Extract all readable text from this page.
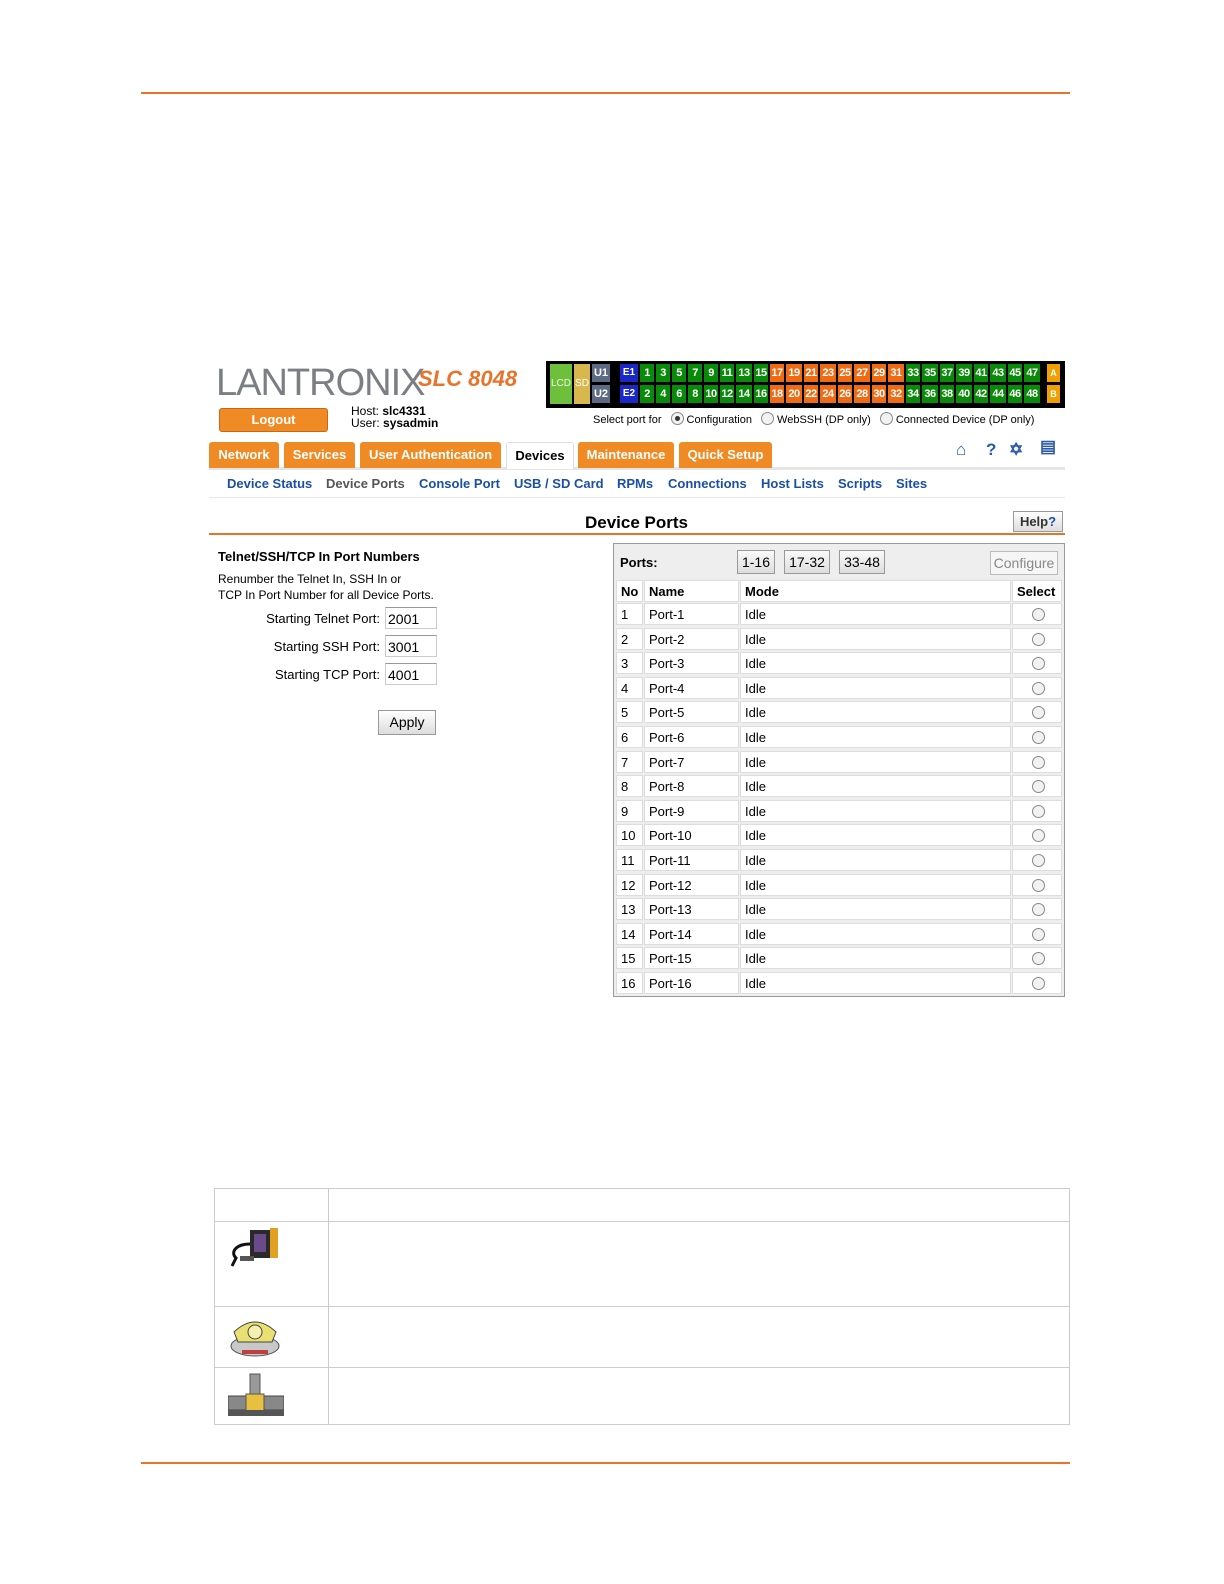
LANTRONIX
SLC 8048
Logout
Host: slc4331
User: sysadmin
LCD SD
U1
U2
E1
E2
A
B
1
2
3
4
5
6
7
8
9
10
11
12
13
14
15
16
17
18
19
20
21
22
23
24
25
26
27
28
29
30
31
32
33
34
35
36
37
38
39
40
41
42
43
44
45
46
47
48
Select port for Configuration WebSSH (DP only) Connected Device (DP only)
Network	Services	User Authentication	Devices	Maintenance	Quick Setup	⌂ ? ✡ ▤
Device Status Device Ports Console Port USB / SD Card RPMs Connections Host Lists Scripts Sites
Device Ports	Help?
Telnet/SSH/TCP In Port Numbers
Renumber the Telnet In, SSH In or
TCP In Port Number for all Device Ports.
Starting Telnet Port: 2001
Starting SSH Port: 3001
Starting TCP Port: 4001
Apply
Ports:	1-16	17-32	33-48	Configure
No Name	Mode	Select
1	Port-1	Idle
2	Port-2	Idle
3	Port-3	Idle
4	Port-4	Idle
5	Port-5	Idle
6	Port-6	Idle
7	Port-7	Idle
8	Port-8	Idle
9	Port-9	Idle
10	Port-10	Idle
11	Port-11	Idle
12	Port-12	Idle
13	Port-13	Idle
14	Port-14	Idle
15	Port-15	Idle
16	Port-16	Idle
